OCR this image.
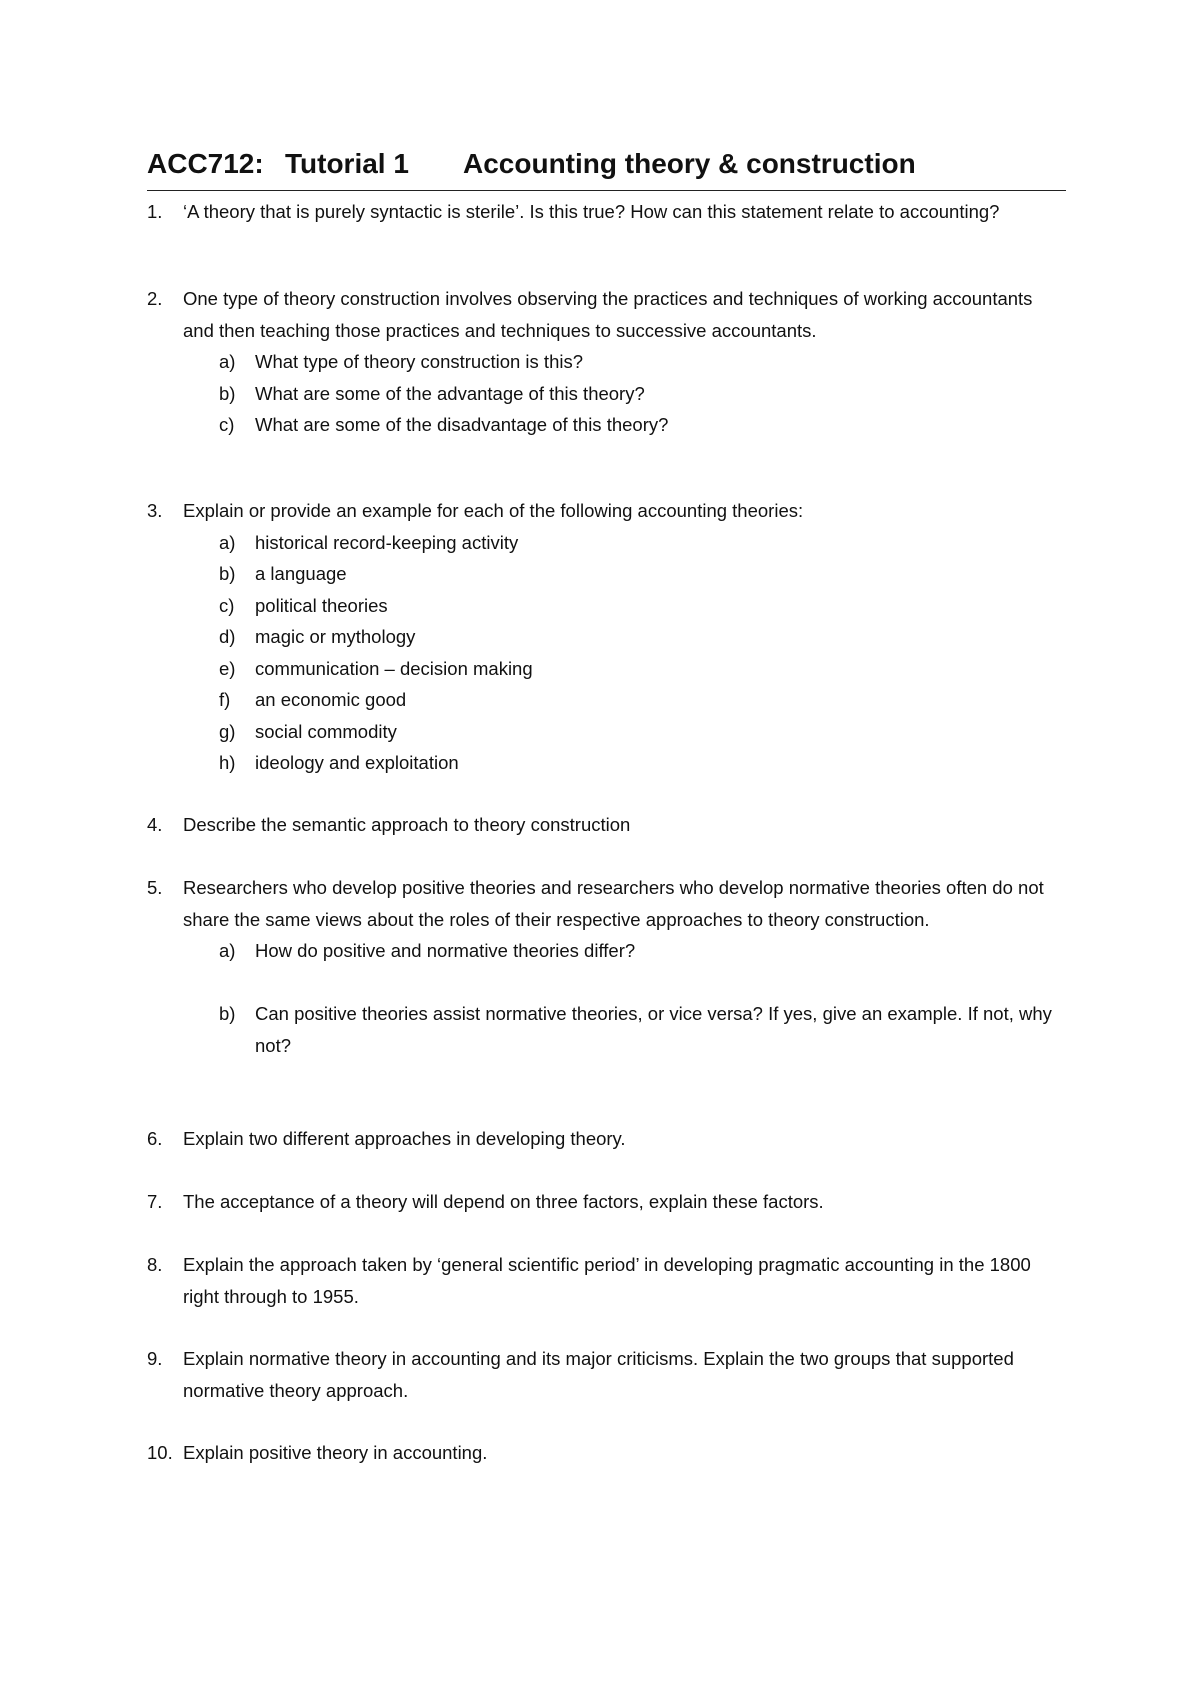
ACC712: Tutorial 1 Accounting theory & construction
1.	‘A theory that is purely syntactic is sterile’. Is this true? How can this statement relate to accounting?
2.	One type of theory construction involves observing the practices and techniques of working accountants and then teaching those practices and techniques to successive accountants.
a) What type of theory construction is this?
b) What are some of the advantage of this theory?
c) What are some of the disadvantage of this theory?
3.	Explain or provide an example for each of the following accounting theories:
a) historical record-keeping activity
b) a language
c) political theories
d) magic or mythology
e) communication – decision making
f) an economic good
g) social commodity
h) ideology and exploitation
4.	Describe the semantic approach to theory construction
5.	Researchers who develop positive theories and researchers who develop normative theories often do not share the same views about the roles of their respective approaches to theory construction.
a) How do positive and normative theories differ?
b) Can positive theories assist normative theories, or vice versa? If yes, give an example. If not, why not?
6.	Explain two different approaches in developing theory.
7.	The acceptance of a theory will depend on three factors, explain these factors.
8.	Explain the approach taken by ‘general scientific period’ in developing pragmatic accounting in the 1800 right through to 1955.
9.	Explain normative theory in accounting and its major criticisms. Explain the two groups that supported normative theory approach.
10. Explain positive theory in accounting.
